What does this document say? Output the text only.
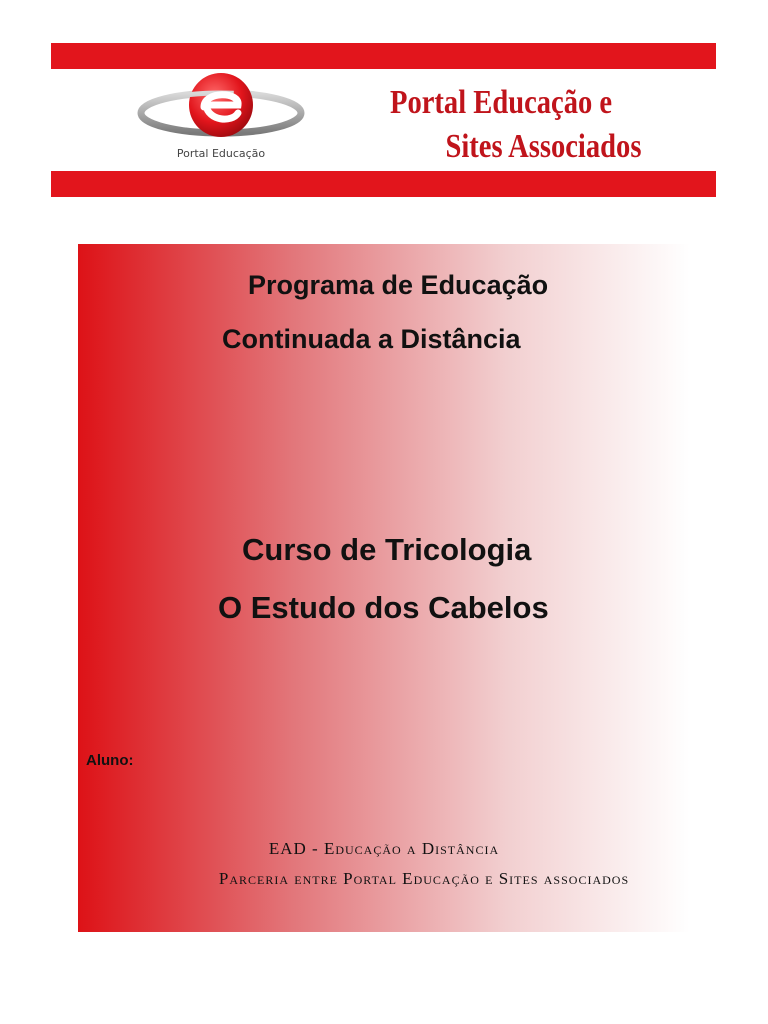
Portal Educação
Portal Educação e
Sites Associados
Programa de Educação
Continuada a Distância
Curso de Tricologia
O Estudo dos Cabelos
Aluno:
EAD - Educação a Distância
Parceria entre Portal Educação e Sites associados
